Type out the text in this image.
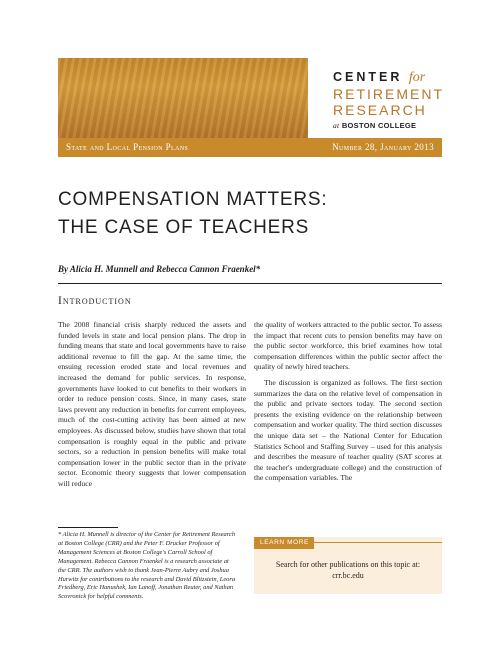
CENTER for
RETIREMENT
RESEARCH
at BOSTON COLLEGE
State and Local Pension Plans	Number 28, January 2013
COMPENSATION MATTERS:
THE CASE OF TEACHERS
By Alicia H. Munnell and Rebecca Cannon Fraenkel*
Introduction

The 2008 financial crisis sharply reduced the assets and funded levels in state and local pension plans. The drop in funding means that state and local governments have to raise additional revenue to fill the gap. At the same time, the ensuing recession eroded state and local revenues and increased the demand for public services. In response, governments have looked to cut benefits to their workers in order to reduce pension costs. Since, in many cases, state laws prevent any reduction in benefits for current employees, much of the cost-cutting activity has been aimed at new employees. As discussed below, studies have shown that total compensation is roughly equal in the public and private sectors, so a reduction in pension benefits will make total compensation lower in the public sector than in the private sector. Economic theory suggests that lower compensation will reduce

the quality of workers attracted to the public sector. To assess the impact that recent cuts to pension benefits may have on the public sector workforce, this brief examines how total compensation differences within the public sector affect the quality of newly hired teachers.

The discussion is organized as follows. The first section summarizes the data on the relative level of compensation in the public and private sectors today. The second section presents the existing evidence on the relationship between compensation and worker quality. The third section discusses the unique data set – the National Center for Education Statistics School and Staffing Survey – used for this analysis and describes the measure of teacher quality (SAT scores at the teacher's undergraduate college) and the construction of the compensation variables. The

* Alicia H. Munnell is director of the Center for Retirement Research at Boston College (CRR) and the Peter F. Drucker Professor of Management Sciences at Boston College's Carroll School of Management. Rebecca Cannon Fraenkel is a research associate at the CRR. The authors wish to thank Jean-Pierre Aubry and Joshua Hurwitz for contributions to the research and David Blitzstein, Leora Friedberg, Eric Hanushek, Ian Lanoff, Jonathan Reuter, and Nathan Scovronick for helpful comments.
LEARN MORE
Search for other publications on this topic at:
crr.bc.edu
